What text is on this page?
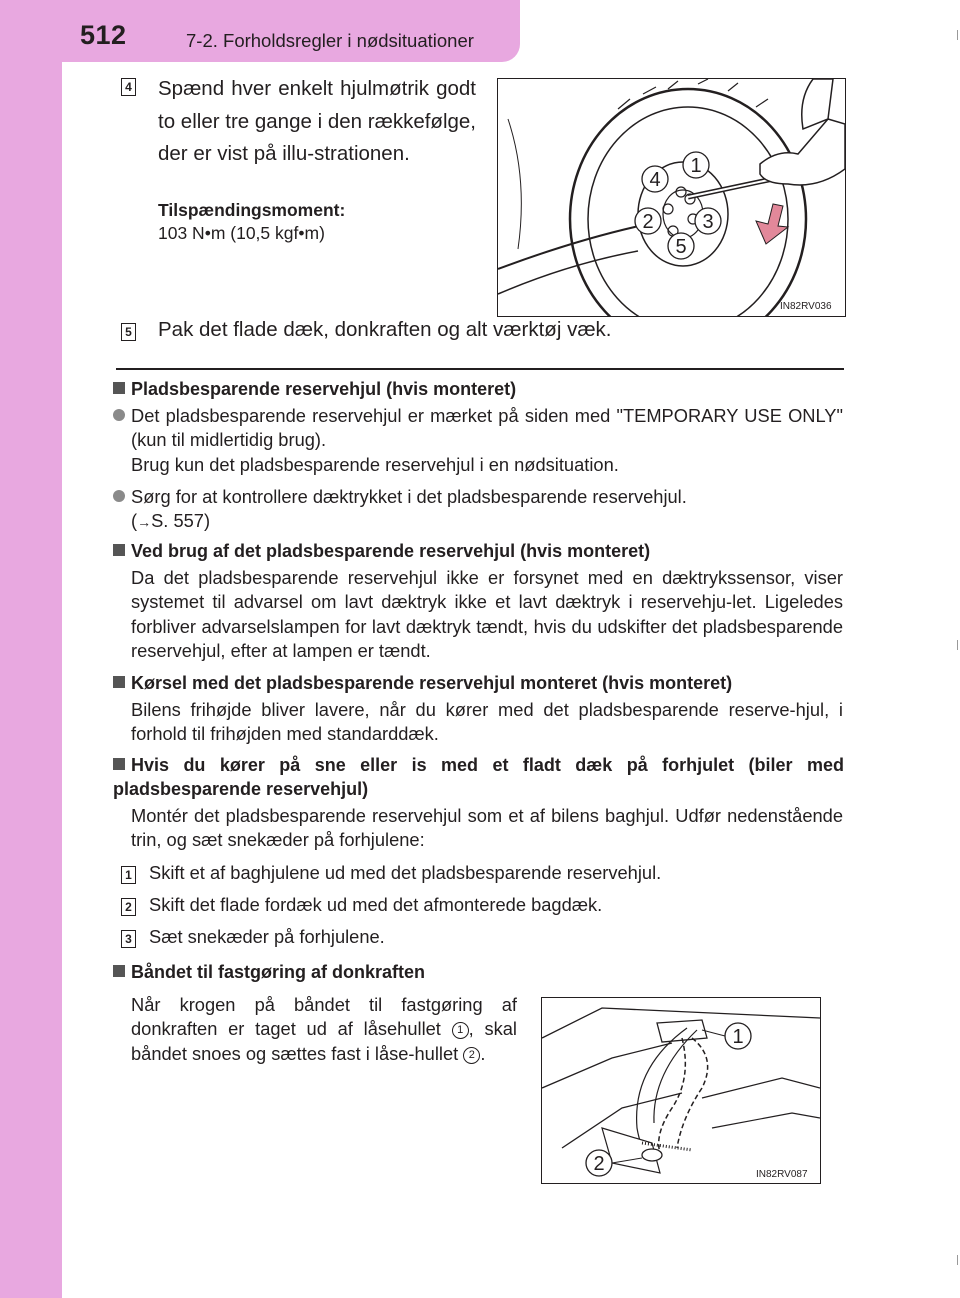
512	7-2. Forholdsregler i nødsituationer
4 Spænd hver enkelt hjulmøtrik godt to eller tre gange i den rækkefølge, der er vist på illu-strationen.
Tilspændingsmoment:
103 N•m (10,5 kgf•m)
1
2 3
4
5
IN82RV036
5 Pak det flade dæk, donkraften og alt værktøj væk.
Pladsbesparende reservehjul (hvis monteret)
Det pladsbesparende reservehjul er mærket på siden med "TEMPORARY USE ONLY" (kun til midlertidig brug).
Brug kun det pladsbesparende reservehjul i en nødsituation.
Sørg for at kontrollere dæktrykket i det pladsbesparende reservehjul.
(→S. 557)
Ved brug af det pladsbesparende reservehjul (hvis monteret)
Da det pladsbesparende reservehjul ikke er forsynet med en dæktrykssensor, viser systemet til advarsel om lavt dæktryk ikke et lavt dæktryk i reservehju-let. Ligeledes forbliver advarselslampen for lavt dæktryk tændt, hvis du udskifter det pladsbesparende reservehjul, efter at lampen er tændt.
Kørsel med det pladsbesparende reservehjul monteret (hvis monteret)
Bilens frihøjde bliver lavere, når du kører med det pladsbesparende reserve-hjul, i forhold til frihøjden med standarddæk.
Hvis du kører på sne eller is med et fladt dæk på forhjulet (biler med pladsbesparende reservehjul)
Montér det pladsbesparende reservehjul som et af bilens baghjul. Udfør nedenstående trin, og sæt snekæder på forhjulene:
1 Skift et af baghjulene ud med det pladsbesparende reservehjul.
2 Skift det flade fordæk ud med det afmonterede bagdæk.
3 Sæt snekæder på forhjulene.
Båndet til fastgøring af donkraften
Når krogen på båndet til fastgøring af donkraften er taget ud af låsehullet 1 , skal båndet snoes og sættes fast i låse-hullet 2 .
1
2	IN82RV087
